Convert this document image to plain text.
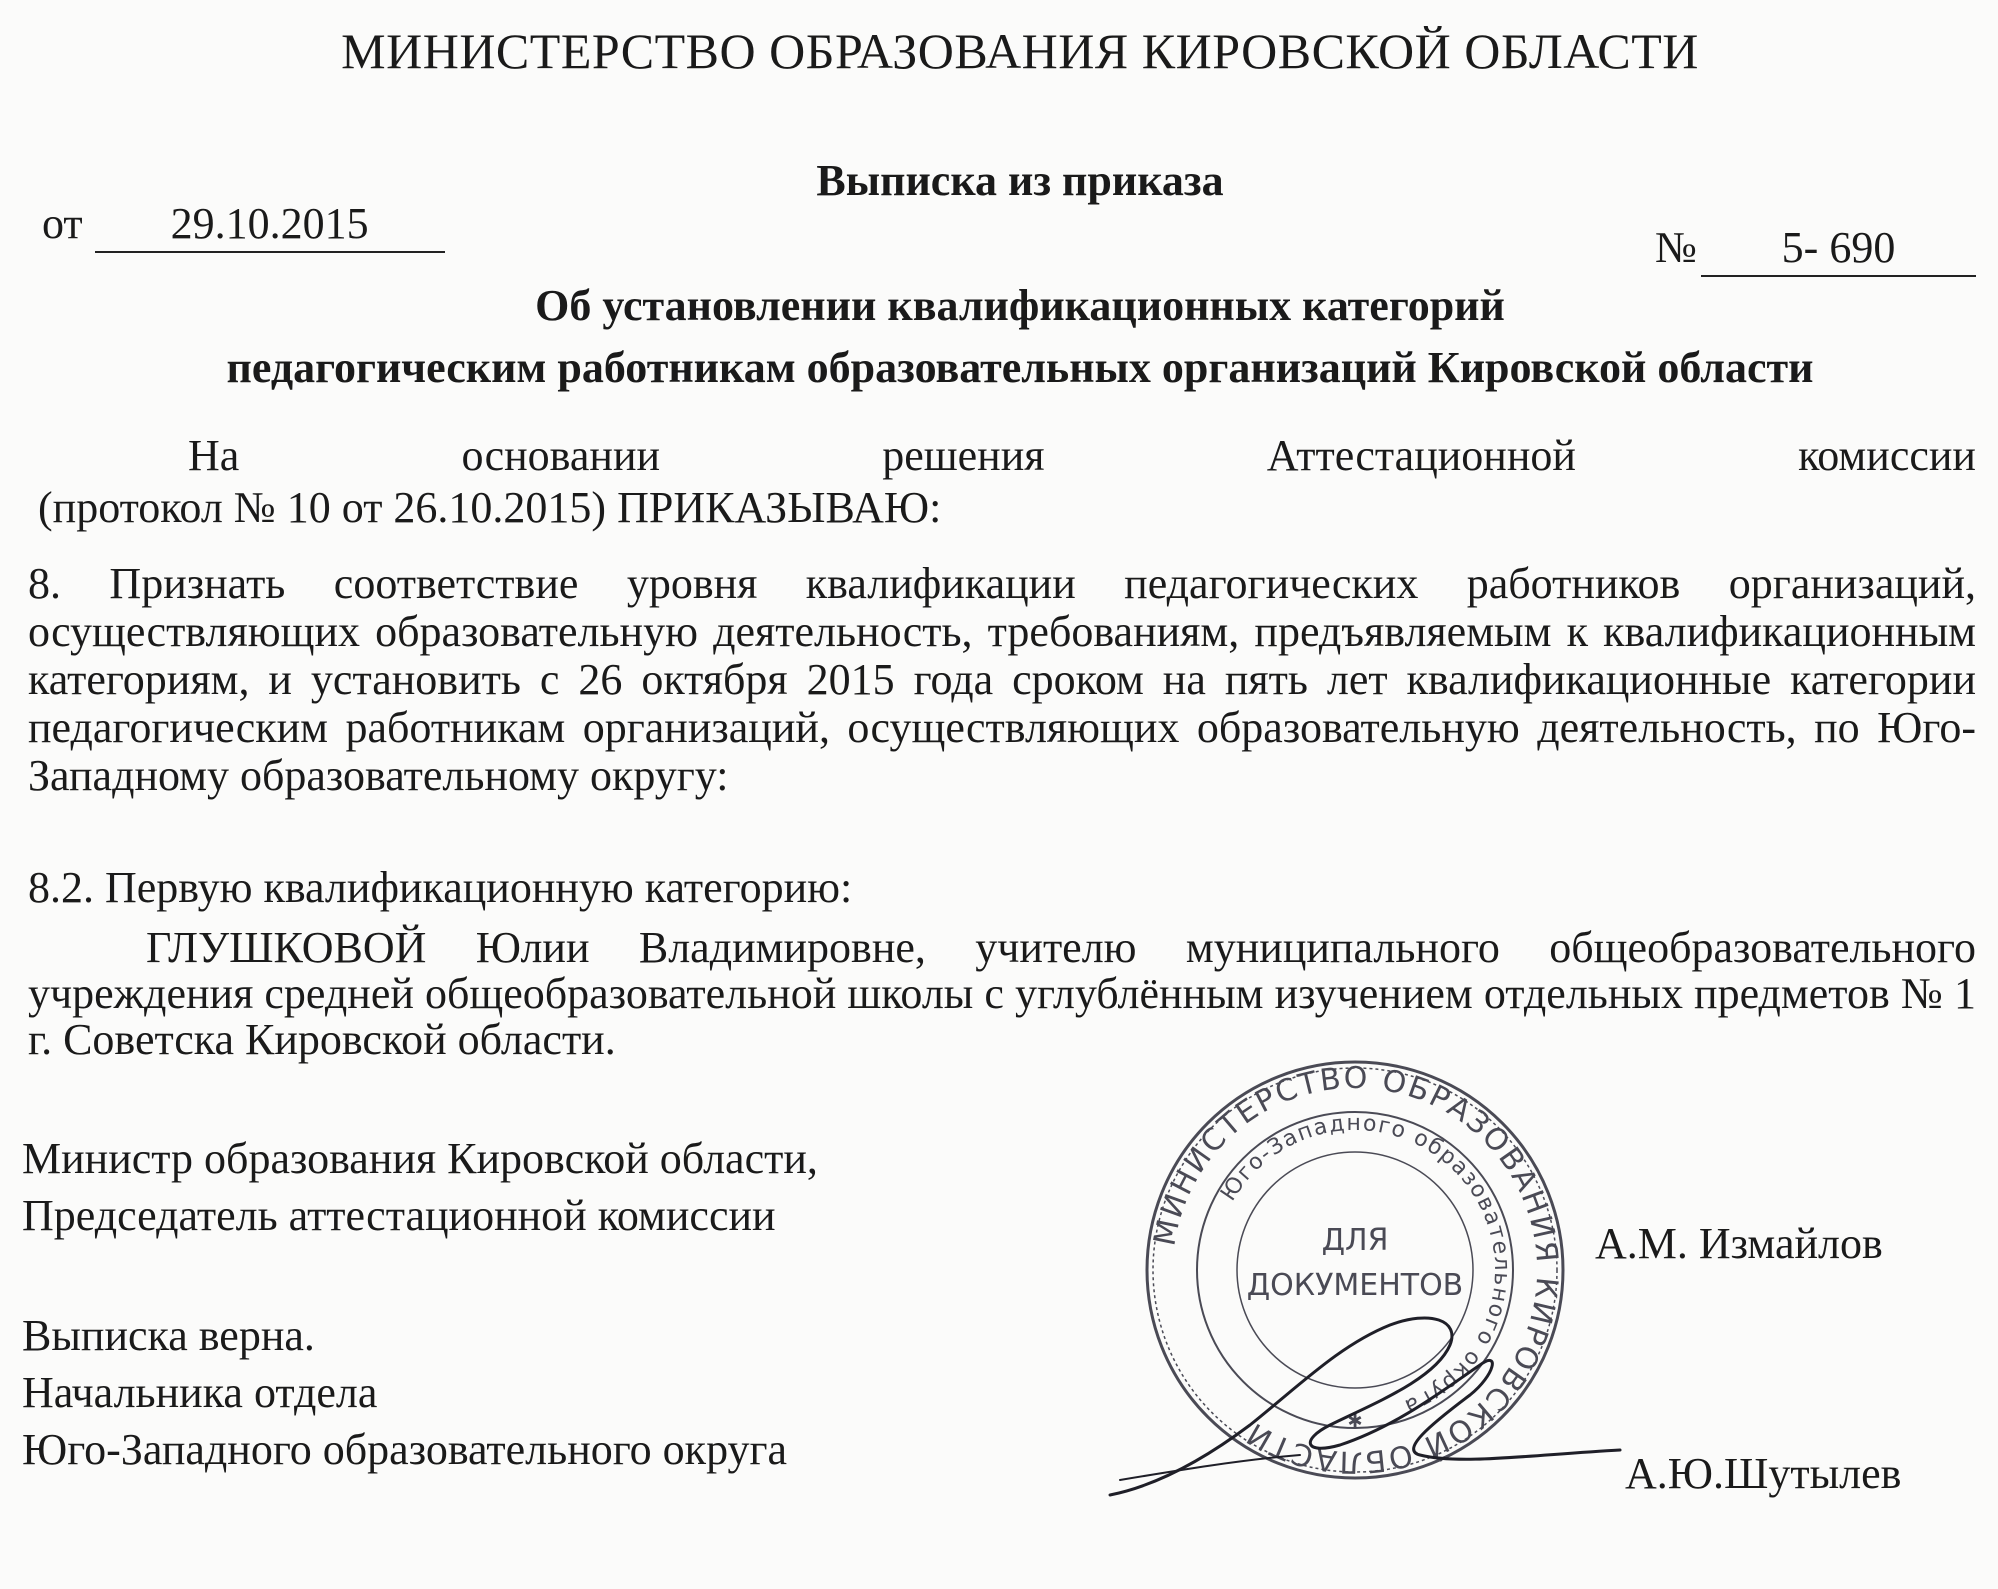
МИНИСТЕРСТВО ОБРАЗОВАНИЯ КИРОВСКОЙ ОБЛАСТИ
Выписка из приказа
от 29.10.2015	№ 5- 690
Об установлении квалификационных категорий
педагогическим работникам образовательных организаций Кировской области
На	основании	решения	Аттестационной	комиссии
(протокол № 10 от 26.10.2015) ПРИКАЗЫВАЮ:
8. Признать соответствие уровня квалификации педагогических работников организаций, осуществляющих образовательную деятельность, требованиям, предъявляемым к квалификационным категориям, и установить с 26 октября 2015 года сроком на пять лет квалификационные категории педагогическим работникам организаций, осуществляющих образовательную деятельность, по Юго-Западному образовательному округу:
8.2. Первую квалификационную категорию:
ГЛУШКОВОЙ Юлии Владимировне, учителю муниципального общеобразовательного учреждения средней общеобразовательной школы с углублённым изучением отдельных предметов № 1 г. Советска Кировской области.
Министр образования Кировской области,
Председатель аттестационной комиссии
А.М. Измайлов
Выписка верна.
Начальника отдела
Юго-Западного образовательного округа	А.Ю.Шутылев
МИНИСТЕРСТВО ОБРАЗОВАНИЯ КИРОВСКОЙ ОБЛАСТИ
Юго-Западного образовательного округа
ДЛЯ
ДОКУМЕНТОВ
✱
